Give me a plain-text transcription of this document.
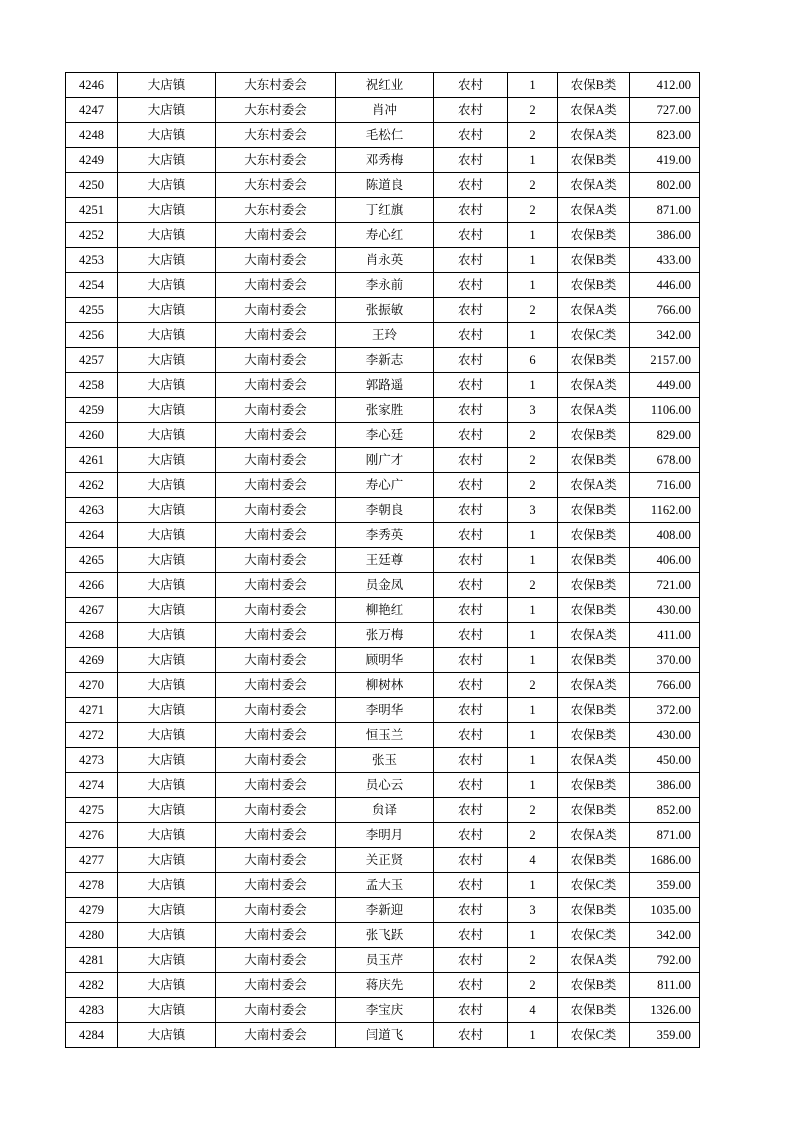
4246	大店镇	大东村委会	祝红业	农村	1	农保B类	412.00
4247	大店镇	大东村委会	肖冲	农村	2	农保A类	727.00
4248	大店镇	大东村委会	毛松仁	农村	2	农保A类	823.00
4249	大店镇	大东村委会	邓秀梅	农村	1	农保B类	419.00
4250	大店镇	大东村委会	陈道良	农村	2	农保A类	802.00
4251	大店镇	大东村委会	丁红旗	农村	2	农保A类	871.00
4252	大店镇	大南村委会	寿心红	农村	1	农保B类	386.00
4253	大店镇	大南村委会	肖永英	农村	1	农保B类	433.00
4254	大店镇	大南村委会	李永前	农村	1	农保B类	446.00
4255	大店镇	大南村委会	张振敏	农村	2	农保A类	766.00
4256	大店镇	大南村委会	王玲	农村	1	农保C类	342.00
4257	大店镇	大南村委会	李新志	农村	6	农保B类	2157.00
4258	大店镇	大南村委会	郭路遥	农村	1	农保A类	449.00
4259	大店镇	大南村委会	张家胜	农村	3	农保A类	1106.00
4260	大店镇	大南村委会	李心廷	农村	2	农保B类	829.00
4261	大店镇	大南村委会	刚广才	农村	2	农保B类	678.00
4262	大店镇	大南村委会	寿心广	农村	2	农保A类	716.00
4263	大店镇	大南村委会	李朝良	农村	3	农保B类	1162.00
4264	大店镇	大南村委会	李秀英	农村	1	农保B类	408.00
4265	大店镇	大南村委会	王廷尊	农村	1	农保B类	406.00
4266	大店镇	大南村委会	员金凤	农村	2	农保B类	721.00
4267	大店镇	大南村委会	柳艳红	农村	1	农保B类	430.00
4268	大店镇	大南村委会	张万梅	农村	1	农保A类	411.00
4269	大店镇	大南村委会	顾明华	农村	1	农保B类	370.00
4270	大店镇	大南村委会	柳树林	农村	2	农保A类	766.00
4271	大店镇	大南村委会	李明华	农村	1	农保B类	372.00
4272	大店镇	大南村委会	恒玉兰	农村	1	农保B类	430.00
4273	大店镇	大南村委会	张玉	农村	1	农保A类	450.00
4274	大店镇	大南村委会	员心云	农村	1	农保B类	386.00
4275	大店镇	大南村委会	贠译	农村	2	农保B类	852.00
4276	大店镇	大南村委会	李明月	农村	2	农保A类	871.00
4277	大店镇	大南村委会	关正贤	农村	4	农保B类	1686.00
4278	大店镇	大南村委会	孟大玉	农村	1	农保C类	359.00
4279	大店镇	大南村委会	李新迎	农村	3	农保B类	1035.00
4280	大店镇	大南村委会	张飞跃	农村	1	农保C类	342.00
4281	大店镇	大南村委会	员玉芹	农村	2	农保A类	792.00
4282	大店镇	大南村委会	蒋庆先	农村	2	农保B类	811.00
4283	大店镇	大南村委会	李宝庆	农村	4	农保B类	1326.00
4284	大店镇	大南村委会	闫道飞	农村	1	农保C类	359.00
